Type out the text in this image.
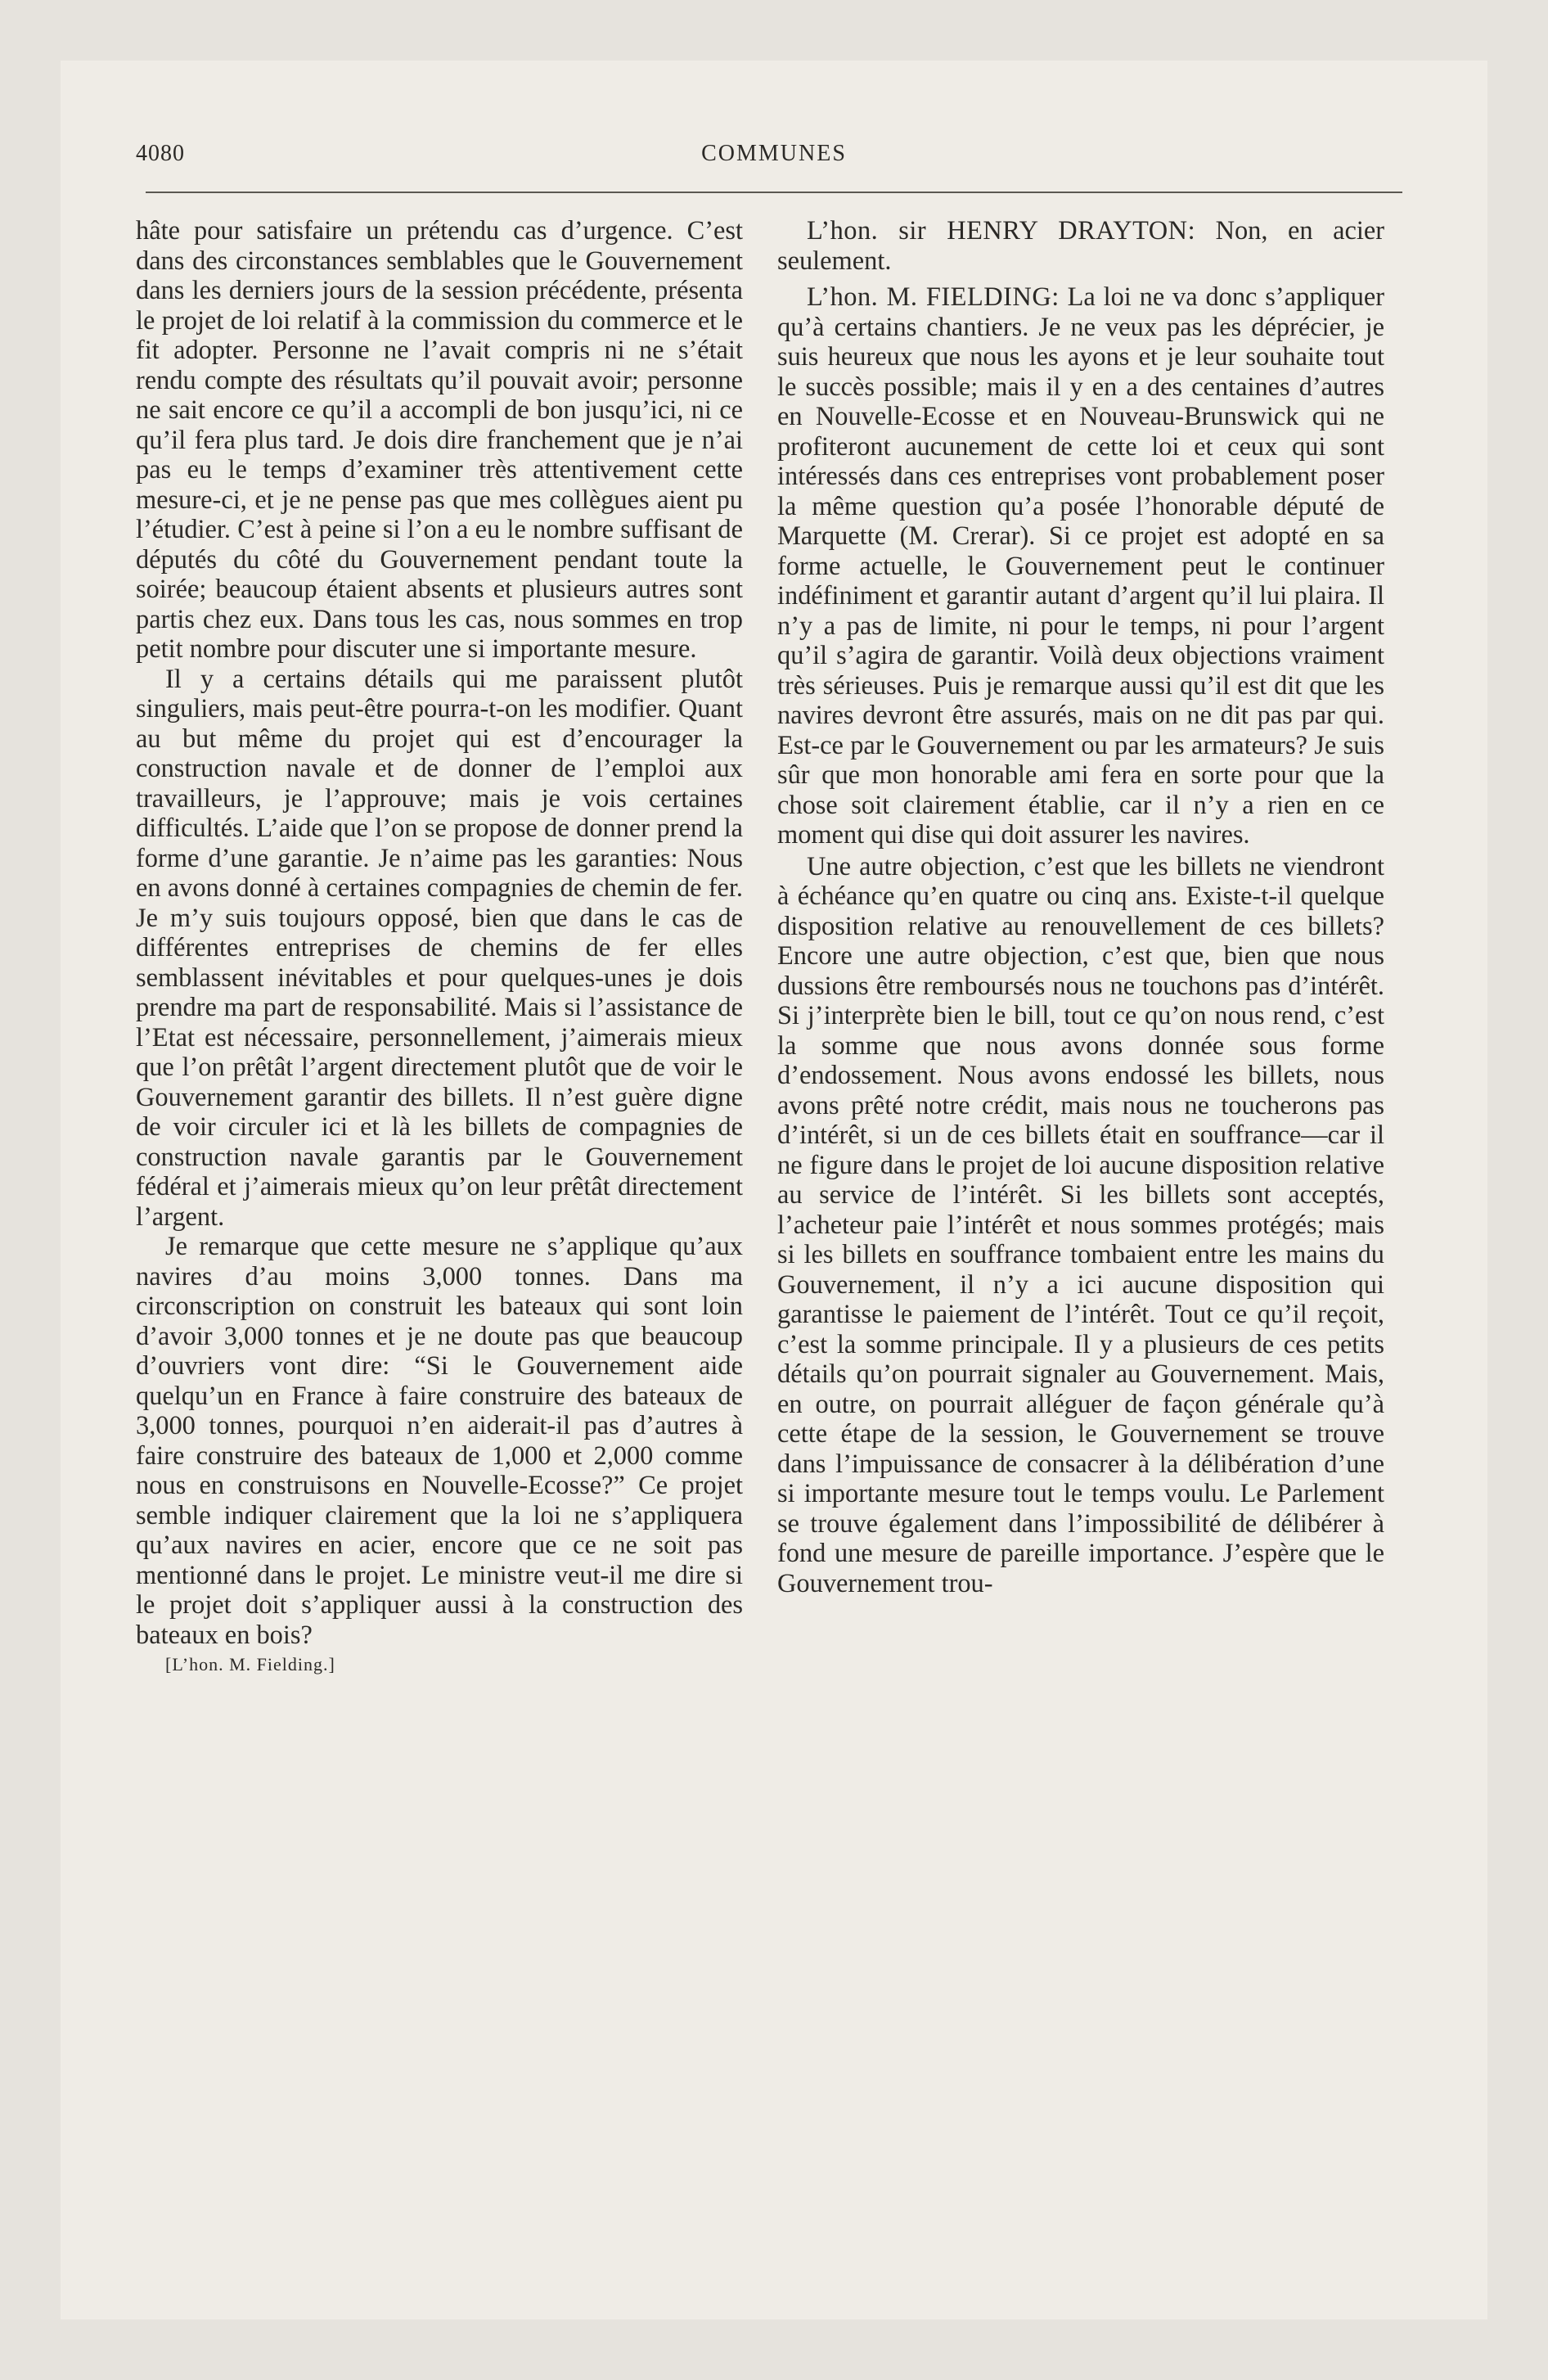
4080	COMMUNES

hâte pour satisfaire un prétendu cas d’urgence. C’est dans des circonstances semblables que le Gouvernement dans les derniers jours de la session précédente, présenta le projet de loi relatif à la commission du commerce et le fit adopter. Personne ne l’avait compris ni ne s’était rendu compte des résultats qu’il pouvait avoir; personne ne sait encore ce qu’il a accompli de bon jusqu’ici, ni ce qu’il fera plus tard. Je dois dire franchement que je n’ai pas eu le temps d’examiner très attentivement cette mesure-ci, et je ne pense pas que mes collègues aient pu l’étudier. C’est à peine si l’on a eu le nombre suffisant de députés du côté du Gouvernement pendant toute la soirée; beaucoup étaient absents et plusieurs autres sont partis chez eux. Dans tous les cas, nous sommes en trop petit nombre pour discuter une si importante mesure.

Il y a certains détails qui me paraissent plutôt singuliers, mais peut-être pourra-t-on les modifier. Quant au but même du projet qui est d’encourager la construction navale et de donner de l’emploi aux travailleurs, je l’approuve; mais je vois certaines difficultés. L’aide que l’on se propose de donner prend la forme d’une garantie. Je n’aime pas les garanties: Nous en avons donné à certaines compagnies de chemin de fer. Je m’y suis toujours opposé, bien que dans le cas de différentes entreprises de chemins de fer elles semblassent inévitables et pour quelques-unes je dois prendre ma part de responsabilité. Mais si l’assistance de l’Etat est nécessaire, personnellement, j’aimerais mieux que l’on prêtât l’argent directement plutôt que de voir le Gouvernement garantir des billets. Il n’est guère digne de voir circuler ici et là les billets de compagnies de construction navale garantis par le Gouvernement fédéral et j’aimerais mieux qu’on leur prêtât directement l’argent.

Je remarque que cette mesure ne s’applique qu’aux navires d’au moins 3,000 tonnes. Dans ma circonscription on construit les bateaux qui sont loin d’avoir 3,000 tonnes et je ne doute pas que beaucoup d’ouvriers vont dire: “Si le Gouvernement aide quelqu’un en France à faire construire des bateaux de 3,000 tonnes, pourquoi n’en aiderait-il pas d’autres à faire construire des bateaux de 1,000 et 2,000 comme nous en construisons en Nouvelle-Ecosse?” Ce projet semble indiquer clairement que la loi ne s’appliquera qu’aux navires en acier, encore que ce ne soit pas mentionné dans le projet. Le ministre veut-il me dire si le projet doit s’appliquer aussi à la construction des bateaux en bois?

[L’hon. M. Fielding.]

L’hon. sir HENRY DRAYTON: Non, en acier seulement.

L’hon. M. FIELDING: La loi ne va donc s’appliquer qu’à certains chantiers. Je ne veux pas les déprécier, je suis heureux que nous les ayons et je leur souhaite tout le succès possible; mais il y en a des centaines d’autres en Nouvelle-Ecosse et en Nouveau-Brunswick qui ne profiteront aucunement de cette loi et ceux qui sont intéressés dans ces entreprises vont probablement poser la même question qu’a posée l’honorable député de Marquette (M. Crerar). Si ce projet est adopté en sa forme actuelle, le Gouvernement peut le continuer indéfiniment et garantir autant d’argent qu’il lui plaira. Il n’y a pas de limite, ni pour le temps, ni pour l’argent qu’il s’agira de garantir. Voilà deux objections vraiment très sérieuses. Puis je remarque aussi qu’il est dit que les navires devront être assurés, mais on ne dit pas par qui. Est-ce par le Gouvernement ou par les armateurs? Je suis sûr que mon honorable ami fera en sorte pour que la chose soit clairement établie, car il n’y a rien en ce moment qui dise qui doit assurer les navires.

Une autre objection, c’est que les billets ne viendront à échéance qu’en quatre ou cinq ans. Existe-t-il quelque disposition relative au renouvellement de ces billets? Encore une autre objection, c’est que, bien que nous dussions être remboursés nous ne touchons pas d’intérêt. Si j’interprète bien le bill, tout ce qu’on nous rend, c’est la somme que nous avons donnée sous forme d’endossement. Nous avons endossé les billets, nous avons prêté notre crédit, mais nous ne toucherons pas d’intérêt, si un de ces billets était en souffrance—car il ne figure dans le projet de loi aucune disposition relative au service de l’intérêt. Si les billets sont acceptés, l’acheteur paie l’intérêt et nous sommes protégés; mais si les billets en souffrance tombaient entre les mains du Gouvernement, il n’y a ici aucune disposition qui garantisse le paiement de l’intérêt. Tout ce qu’il reçoit, c’est la somme principale. Il y a plusieurs de ces petits détails qu’on pourrait signaler au Gouvernement. Mais, en outre, on pourrait alléguer de façon générale qu’à cette étape de la session, le Gouvernement se trouve dans l’impuissance de consacrer à la délibération d’une si importante mesure tout le temps voulu. Le Parlement se trouve également dans l’impossibilité de délibérer à fond une mesure de pareille importance. J’espère que le Gouvernement trou-
